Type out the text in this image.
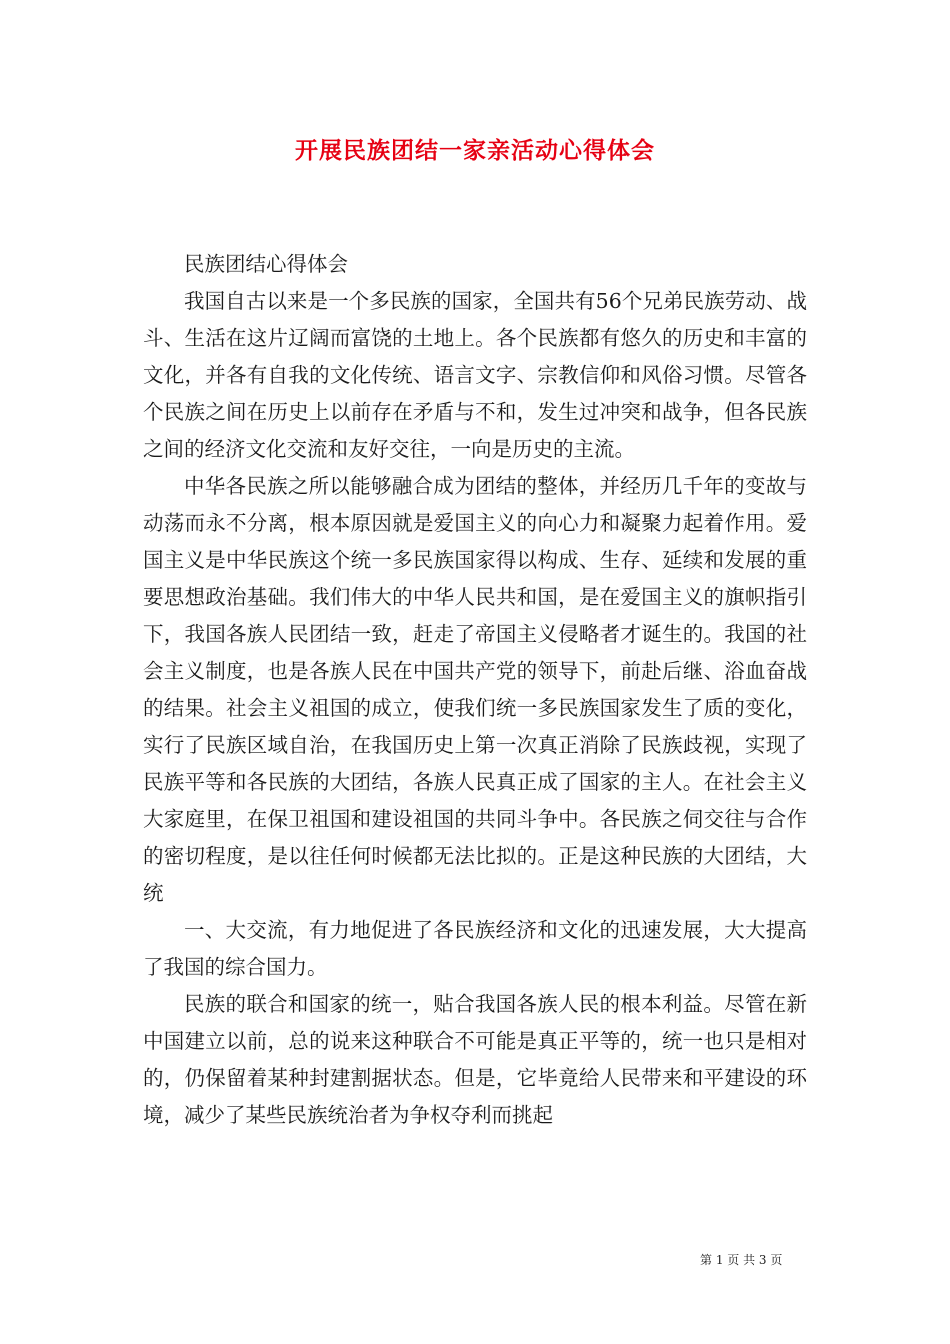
开展民族团结一家亲活动心得体会

民族团结心得体会

我国自古以来是一个多民族的国家，全国共有56个兄弟民族劳动、战斗、生活在这片辽阔而富饶的土地上。各个民族都有悠久的历史和丰富的文化，并各有自我的文化传统、语言文字、宗教信仰和风俗习惯。尽管各个民族之间在历史上以前存在矛盾与不和，发生过冲突和战争，但各民族之间的经济文化交流和友好交往，一向是历史的主流。

中华各民族之所以能够融合成为团结的整体，并经历几千年的变故与动荡而永不分离，根本原因就是爱国主义的向心力和凝聚力起着作用。爱国主义是中华民族这个统一多民族国家得以构成、生存、延续和发展的重要思想政治基础。我们伟大的中华人民共和国，是在爱国主义的旗帜指引下，我国各族人民团结一致，赶走了帝国主义侵略者才诞生的。我国的社会主义制度，也是各族人民在中国共产党的领导下，前赴后继、浴血奋战的结果。社会主义祖国的成立，使我们统一多民族国家发生了质的变化，实行了民族区域自治，在我国历史上第一次真正消除了民族歧视，实现了民族平等和各民族的大团结，各族人民真正成了国家的主人。在社会主义大家庭里，在保卫祖国和建设祖国的共同斗争中。各民族之伺交往与合作的密切程度，是以往任何时候都无法比拟的。正是这种民族的大团结，大统

一、大交流，有力地促进了各民族经济和文化的迅速发展，大大提高了我国的综合国力。

民族的联合和国家的统一，贴合我国各族人民的根本利益。尽管在新中国建立以前，总的说来这种联合不可能是真正平等的，统一也只是相对的，仍保留着某种封建割据状态。但是，它毕竟给人民带来和平建设的环境，减少了某些民族统治者为争权夺利而挑起

第 1 页 共 3 页
